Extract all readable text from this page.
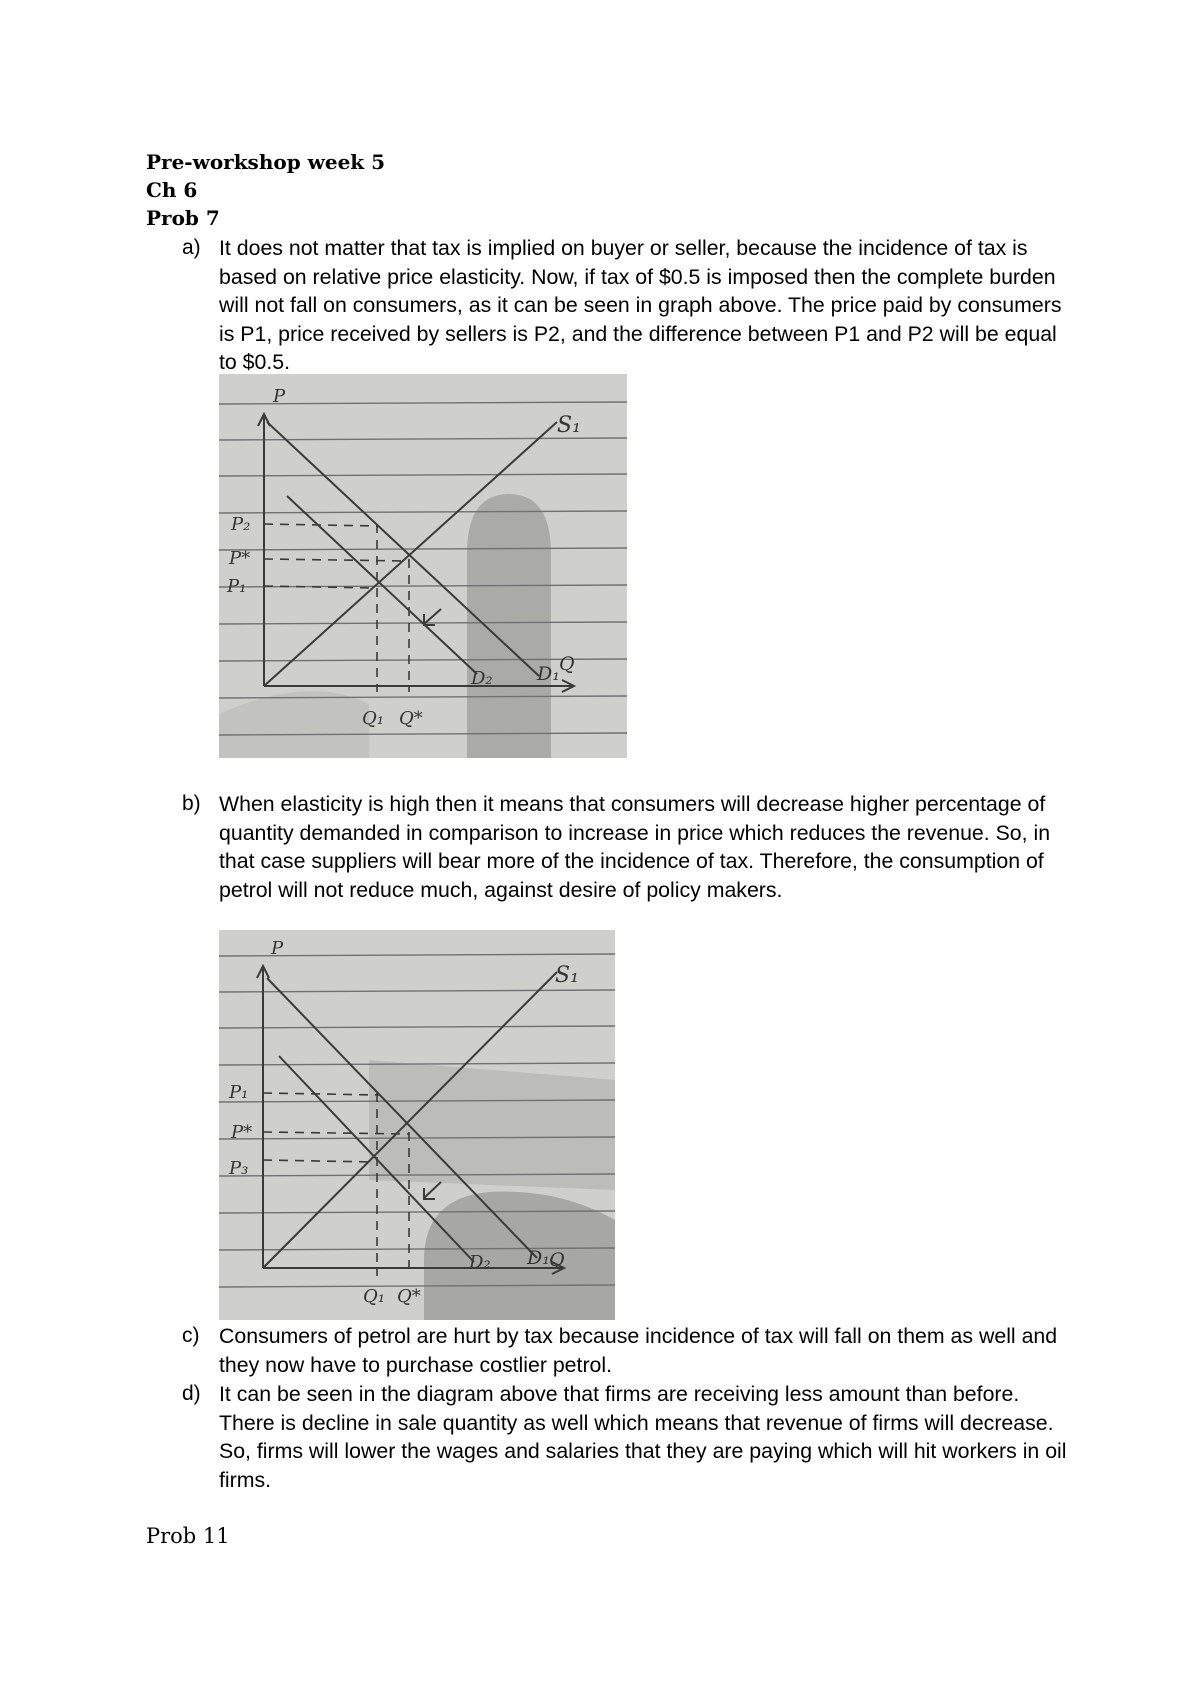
Pre-workshop week 5
Ch 6
Prob 7
a) It does not matter that tax is implied on buyer or seller, because the incidence of tax is based on relative price elasticity. Now, if tax of $0.5 is imposed then the complete burden will not fall on consumers, as it can be seen in graph above. The price paid by consumers is P1, price received by sellers is P2, and the difference between P1 and P2 will be equal to $0.5.
P
Q
S₁
D₂ D₁
P₂
P*
P₁
Q₁ Q*
b) When elasticity is high then it means that consumers will decrease higher percentage of quantity demanded in comparison to increase in price which reduces the revenue. So, in that case suppliers will bear more of the incidence of tax. Therefore, the consumption of petrol will not reduce much, against desire of policy makers.
P
Q
S₁
D₂ D₁
P₁
P*
P₃
Q₁ Q*
c) Consumers of petrol are hurt by tax because incidence of tax will fall on them as well and they now have to purchase costlier petrol.
d) It can be seen in the diagram above that firms are receiving less amount than before. There is decline in sale quantity as well which means that revenue of firms will decrease. So, firms will lower the wages and salaries that they are paying which will hit workers in oil firms.
Prob 11
